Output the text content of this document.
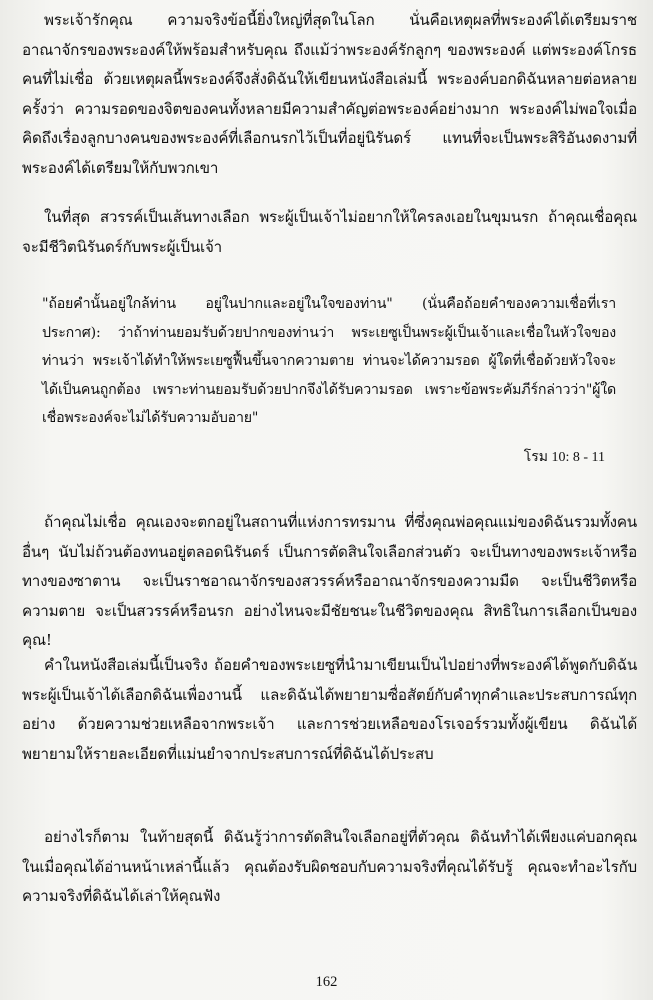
พระเจ้ารักคุณ ความจริงข้อนี้ยิ่งใหญ่ที่สุดในโลก นั่นคือเหตุผลที่พระองค์ได้เตรียมราชอาณาจักรของพระองค์ให้พร้อมสำหรับคุณ ถึงแม้ว่าพระองค์รักลูกๆ ของพระองค์ แต่พระองค์โกรธคนที่ไม่เชื่อ ด้วยเหตุผลนี้พระองค์จึงสั่งดิฉันให้เขียนหนังสือเล่มนี้ พระองค์บอกดิฉันหลายต่อหลายครั้งว่า ความรอดของจิตของคนทั้งหลายมีความสำคัญต่อพระองค์อย่างมาก พระองค์ไม่พอใจเมื่อคิดถึงเรื่องลูกบางคนของพระองค์ที่เลือกนรกไว้เป็นที่อยู่นิรันดร์ แทนที่จะเป็นพระสิริอันงดงามที่พระองค์ได้เตรียมให้กับพวกเขา

ในที่สุด สวรรค์เป็นเส้นทางเลือก พระผู้เป็นเจ้าไม่อยากให้ใครลงเอยในขุมนรก ถ้าคุณเชื่อคุณจะมีชีวิตนิรันดร์กับพระผู้เป็นเจ้า

"ถ้อยคำนั้นอยู่ใกล้ท่าน อยู่ในปากและอยู่ในใจของท่าน" (นั่นคือถ้อยคำของความเชื่อที่เราประกาศ): ว่าถ้าท่านยอมรับด้วยปากของท่านว่า พระเยซูเป็นพระผู้เป็นเจ้าและเชื่อในหัวใจของท่านว่า พระเจ้าได้ทำให้พระเยซูฟื้นขึ้นจากความตาย ท่านจะได้ความรอด ผู้ใดที่เชื่อด้วยหัวใจจะได้เป็นคนถูกต้อง เพราะท่านยอมรับด้วยปากจึงได้รับความรอด เพราะข้อพระคัมภีร์กล่าวว่า"ผู้ใดเชื่อพระองค์จะไม่ได้รับความอับอาย"

โรม 10: 8 - 11

ถ้าคุณไม่เชื่อ คุณเองจะตกอยู่ในสถานที่แห่งการทรมาน ที่ซึ่งคุณพ่อคุณแม่ของดิฉันรวมทั้งคนอื่นๆ นับไม่ถ้วนต้องทนอยู่ตลอดนิรันดร์ เป็นการตัดสินใจเลือกส่วนตัว จะเป็นทางของพระเจ้าหรือทางของซาตาน จะเป็นราชอาณาจักรของสวรรค์หรืออาณาจักรของความมืด จะเป็นชีวิตหรือความตาย จะเป็นสวรรค์หรือนรก อย่างไหนจะมีชัยชนะในชีวิตของคุณ สิทธิในการเลือกเป็นของคุณ!

คำในหนังสือเล่มนี้เป็นจริง ถ้อยคำของพระเยซูที่นำมาเขียนเป็นไปอย่างที่พระองค์ได้พูดกับดิฉัน พระผู้เป็นเจ้าได้เลือกดิฉันเพื่องานนี้ และดิฉันได้พยายามซื่อสัตย์กับคำทุกคำและประสบการณ์ทุกอย่าง ด้วยความช่วยเหลือจากพระเจ้า และการช่วยเหลือของโรเจอร์รวมทั้งผู้เขียน ดิฉันได้พยายามให้รายละเอียดที่แม่นยำจากประสบการณ์ที่ดิฉันได้ประสบ

อย่างไรก็ตาม ในท้ายสุดนี้ ดิฉันรู้ว่าการตัดสินใจเลือกอยู่ที่ตัวคุณ ดิฉันทำได้เพียงแค่บอกคุณ ในเมื่อคุณได้อ่านหน้าเหล่านี้แล้ว คุณต้องรับผิดชอบกับความจริงที่คุณได้รับรู้ คุณจะทำอะไรกับความจริงที่ดิฉันได้เล่าให้คุณฟัง

162
